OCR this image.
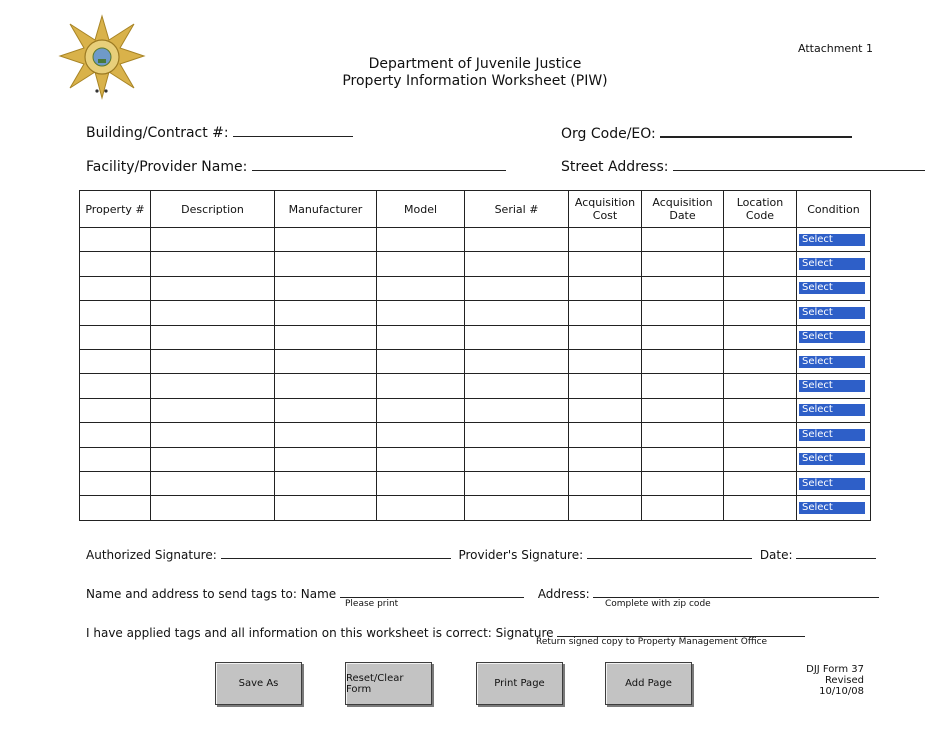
Attachment 1
Department of Juvenile Justice
Property Information Worksheet (PIW)
Building/Contract #:	Org Code/EO:
Facility/Provider Name:	Street Address:
Property #	Description	Manufacturer	Model	Serial #	Acquisition Cost	Acquisition Date	Location Code	Condition

								Select

								Select

								Select

								Select

								Select

								Select

								Select

								Select

								Select

								Select

								Select

								Select
Authorized Signature:	Provider's Signature:	Date:
Name and address to send tags to: Name	Address:
Please print	Complete with zip code
I have applied tags and all information on this worksheet is correct: Signature
Return signed copy to Property Management Office
Save As	Reset/Clear Form	Print Page	Add Page
DJJ Form 37
Revised 10/10/08
